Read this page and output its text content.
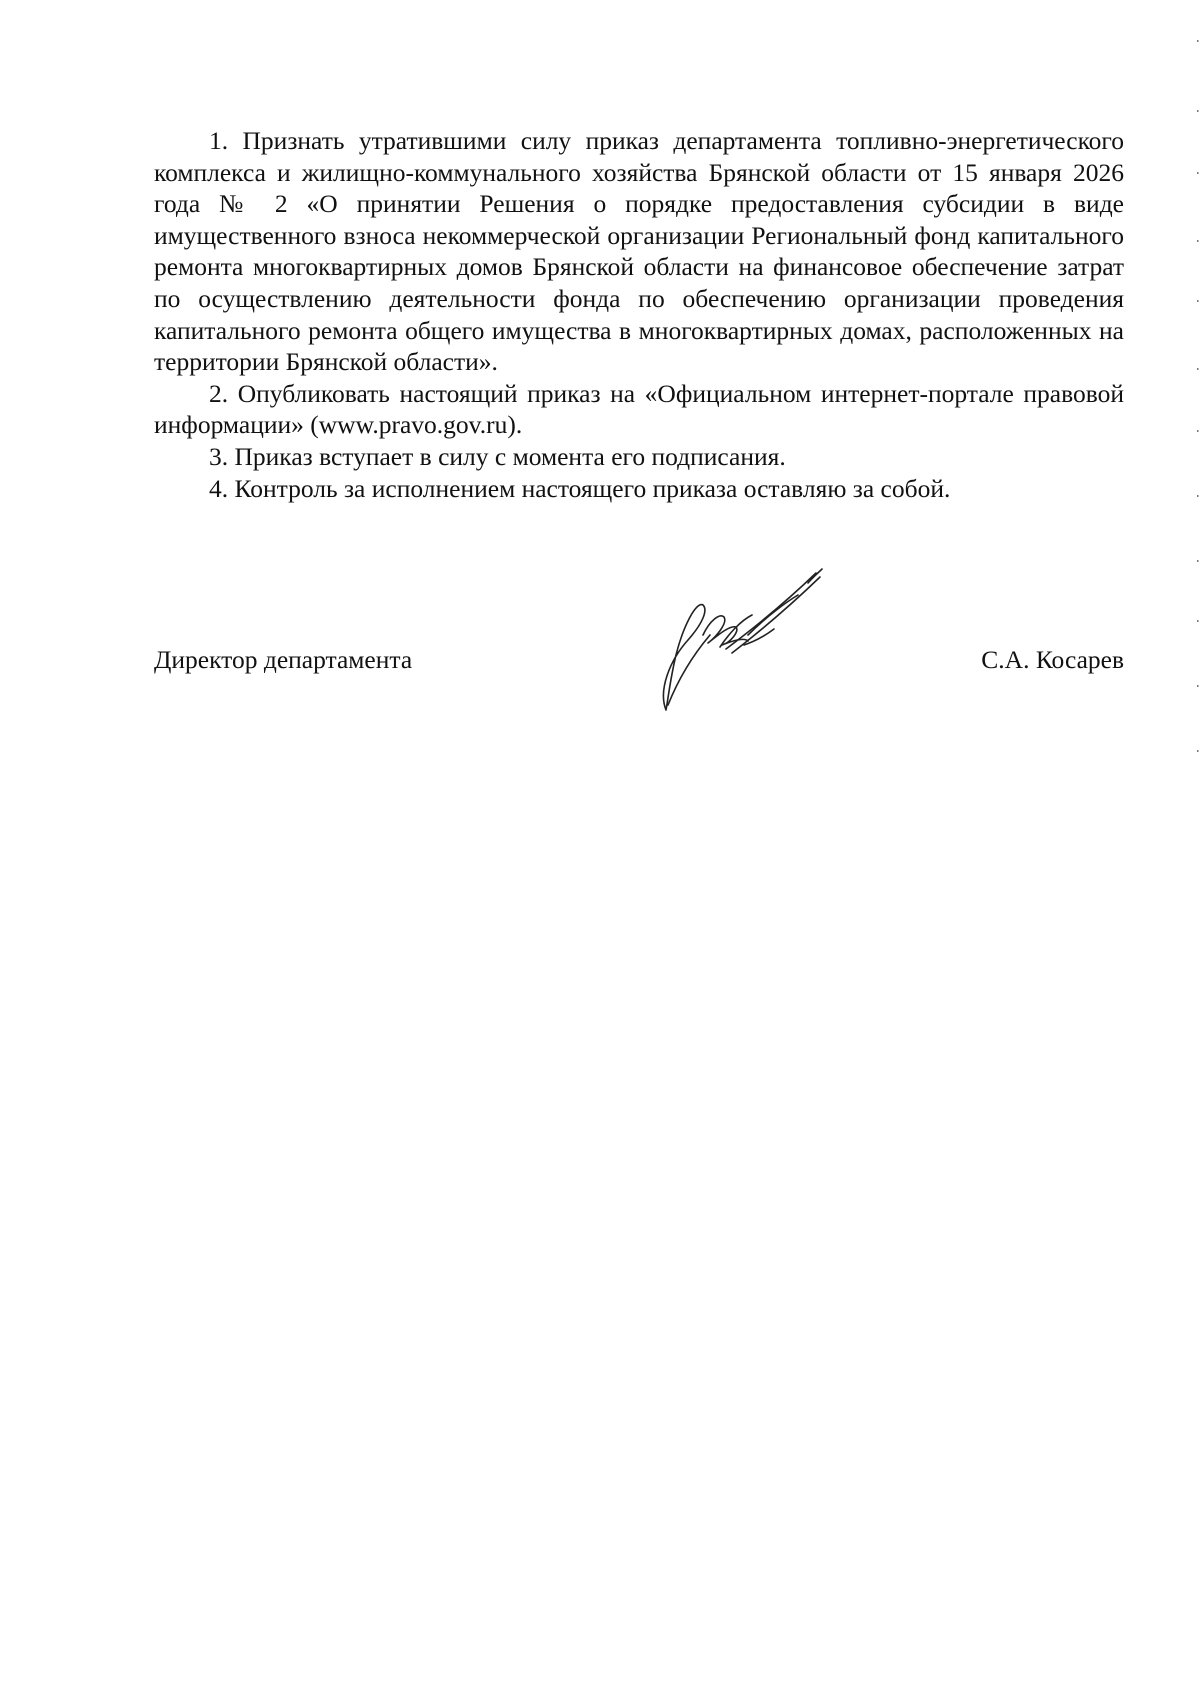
1. Признать утратившими силу приказ департамента топливно-энергетического комплекса и жилищно-коммунального хозяйства Брянской области от 15 января 2026 года № 2 «О принятии Решения о порядке предоставления субсидии в виде имущественного взноса некоммерческой организации Региональный фонд капитального ремонта многоквартирных домов Брянской области на финансовое обеспечение затрат по осуществлению деятельности фонда по обеспечению организации проведения капитального ремонта общего имущества в многоквартирных домах, расположенных на территории Брянской области».

2. Опубликовать настоящий приказ на «Официальном интернет-портале правовой информации» (www.pravo.gov.ru).

3. Приказ вступает в силу с момента его подписания.

4. Контроль за исполнением настоящего приказа оставляю за собой.

Директор департамента	С.А. Косарев
